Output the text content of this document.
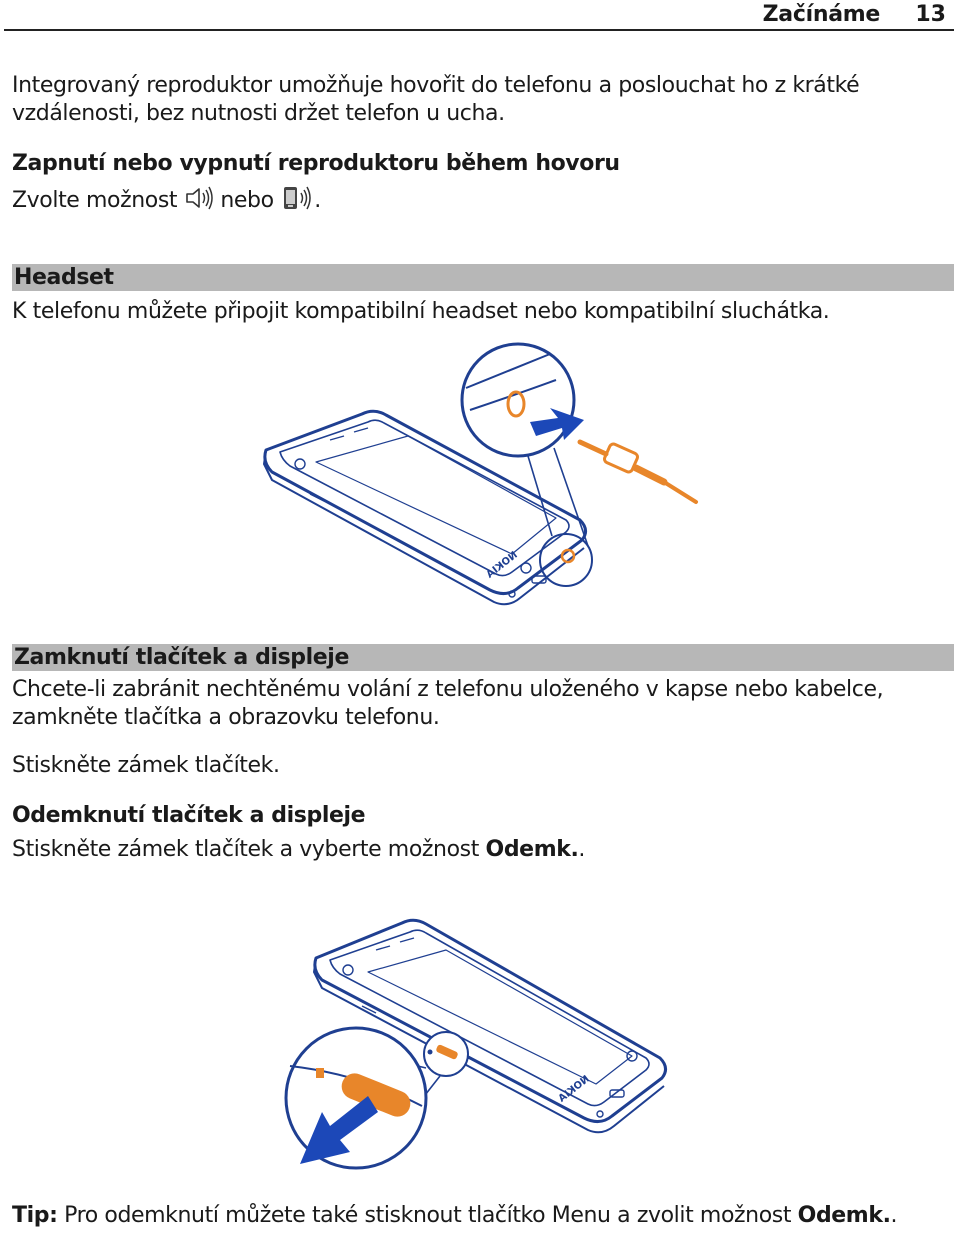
Začínáme 13
Integrovaný reproduktor umožňuje hovořit do telefonu a poslouchat ho z krátké vzdálenosti, bez nutnosti držet telefon u ucha.
Zapnutí nebo vypnutí reproduktoru během hovoru
Zvolte možnost nebo .
Headset
K telefonu můžete připojit kompatibilní headset nebo kompatibilní sluchátka.
NOKIA
Zamknutí tlačítek a displeje
Chcete-li zabránit nechtěnému volání z telefonu uloženého v kapse nebo kabelce, zamkněte tlačítka a obrazovku telefonu.
Stiskněte zámek tlačítek.
Odemknutí tlačítek a displeje
Stiskněte zámek tlačítek a vyberte možnost Odemk..
NOKIA
Tip: Pro odemknutí můžete také stisknout tlačítko Menu a zvolit možnost Odemk..
